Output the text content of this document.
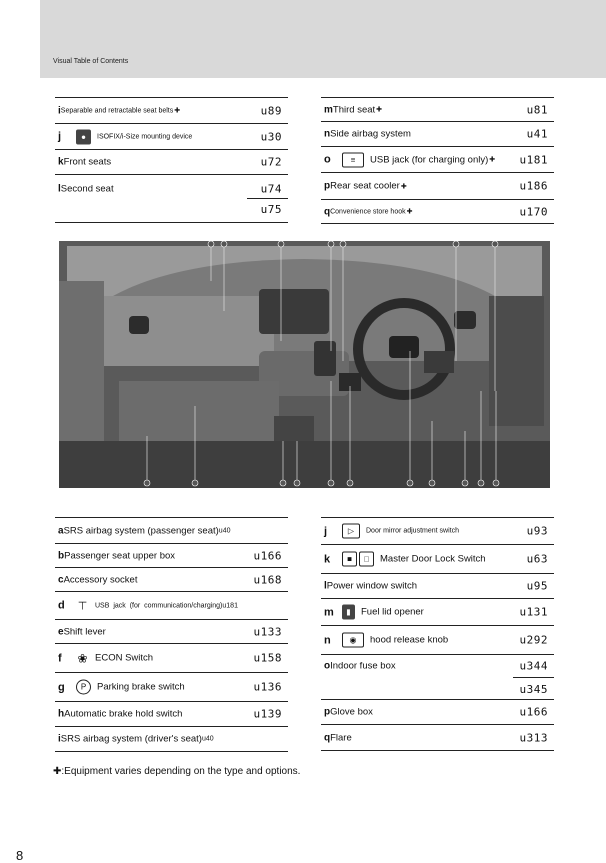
Visual Table of Contents
i Separable and retractable seat belts ✚	u89
j	●	ISOFIX/i-Size mounting device	u30
k Front seats	u72
l Second seat	u74
u75
m Third seat ✚	u81
n Side airbag system	u41
o	≡	USB jack (for charging only) ✚ u181
p Rear seat cooler ✚	u186
q Convenience store hook ✚	u170
a SRS airbag system (passenger seat) u40
b Passenger seat upper box	u166
c Accessory socket	u168
d	⊤ USB jack (for communication/charging) u181
e Shift lever	u133
f	❀ ECON Switch	u158
g	P	Parking brake switch	u136
h Automatic brake hold switch	u139
i SRS airbag system (driver's seat) u40
j	▷	Door mirror adjustment switch	u93
k	■	□	Master Door Lock Switch	u63
l Power window switch	u95
m	▮	Fuel lid opener	u131
n	◉	hood release knob	u292
o Indoor fuse box	u344
u345
p Glove box	u166
q Flare	u313
✚:Equipment varies depending on the type and options.
8
